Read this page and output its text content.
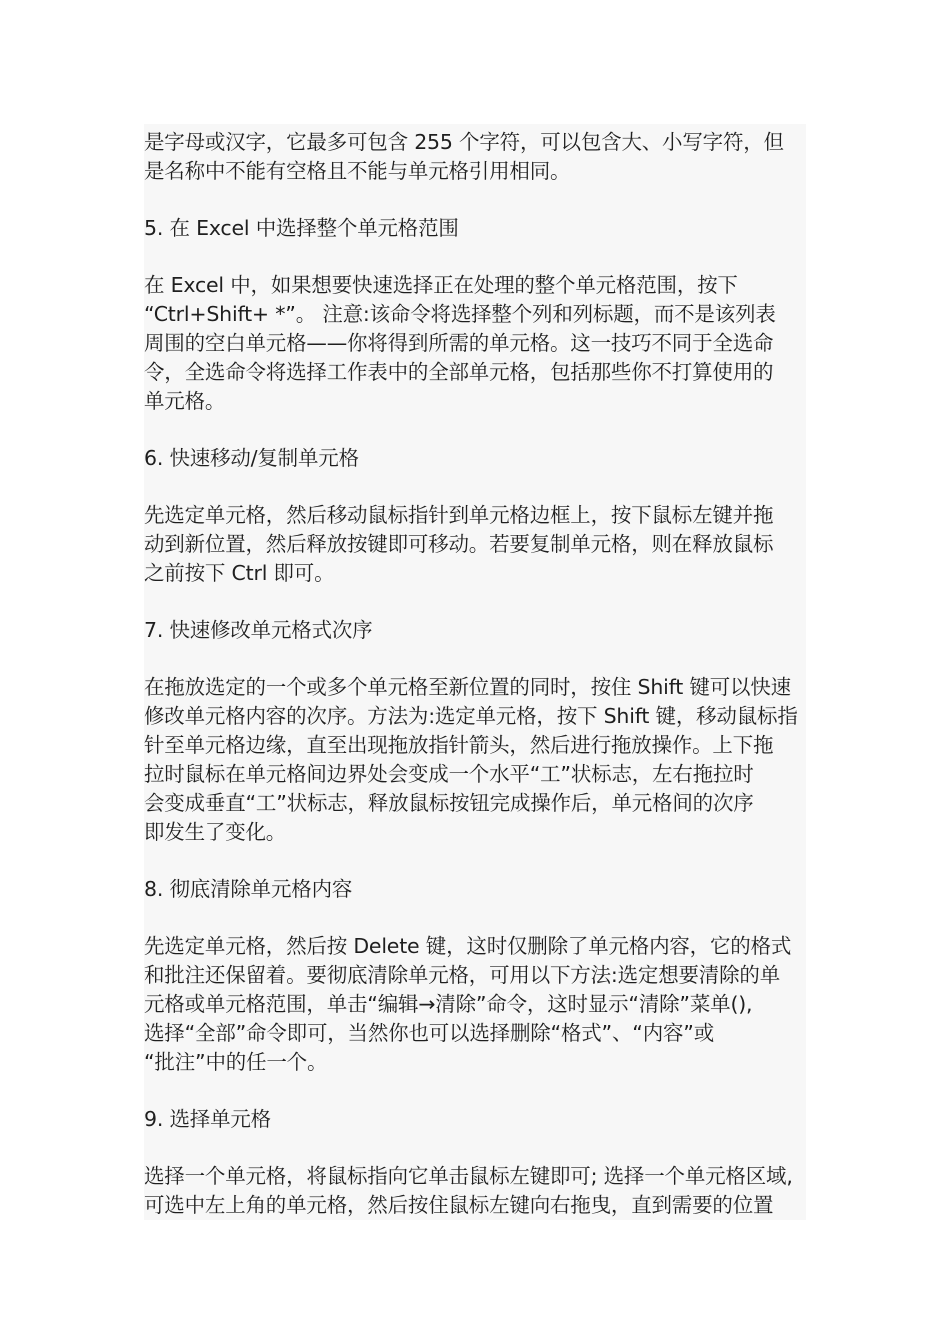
是字母或汉字，它最多可包含 255 个字符，可以包含大、小写字符，但
是名称中不能有空格且不能与单元格引用相同。
5. 在 Excel 中选择整个单元格范围
在 Excel 中，如果想要快速选择正在处理的整个单元格范围，按下
“Ctrl+Shift+ *”。 注意:该命令将选择整个列和列标题，而不是该列表
周围的空白单元格——你将得到所需的单元格。这一技巧不同于全选命
令，全选命令将选择工作表中的全部单元格，包括那些你不打算使用的
单元格。
6. 快速移动/复制单元格
先选定单元格，然后移动鼠标指针到单元格边框上，按下鼠标左键并拖
动到新位置，然后释放按键即可移动。若要复制单元格，则在释放鼠标
之前按下 Ctrl 即可。
7. 快速修改单元格式次序
在拖放选定的一个或多个单元格至新位置的同时，按住 Shift 键可以快速
修改单元格内容的次序。方法为:选定单元格，按下 Shift 键，移动鼠标指
针至单元格边缘，直至出现拖放指针箭头，然后进行拖放操作。上下拖
拉时鼠标在单元格间边界处会变成一个水平“工”状标志，左右拖拉时
会变成垂直“工”状标志，释放鼠标按钮完成操作后，单元格间的次序
即发生了变化。
8. 彻底清除单元格内容
先选定单元格，然后按 Delete 键，这时仅删除了单元格内容，它的格式
和批注还保留着。要彻底清除单元格，可用以下方法:选定想要清除的单
元格或单元格范围，单击“编辑→清除”命令，这时显示“清除”菜单(),
选择“全部”命令即可，当然你也可以选择删除“格式”、“内容”或
“批注”中的任一个。
9. 选择单元格
选择一个单元格，将鼠标指向它单击鼠标左键即可; 选择一个单元格区域,
可选中左上角的单元格，然后按住鼠标左键向右拖曳，直到需要的位置
